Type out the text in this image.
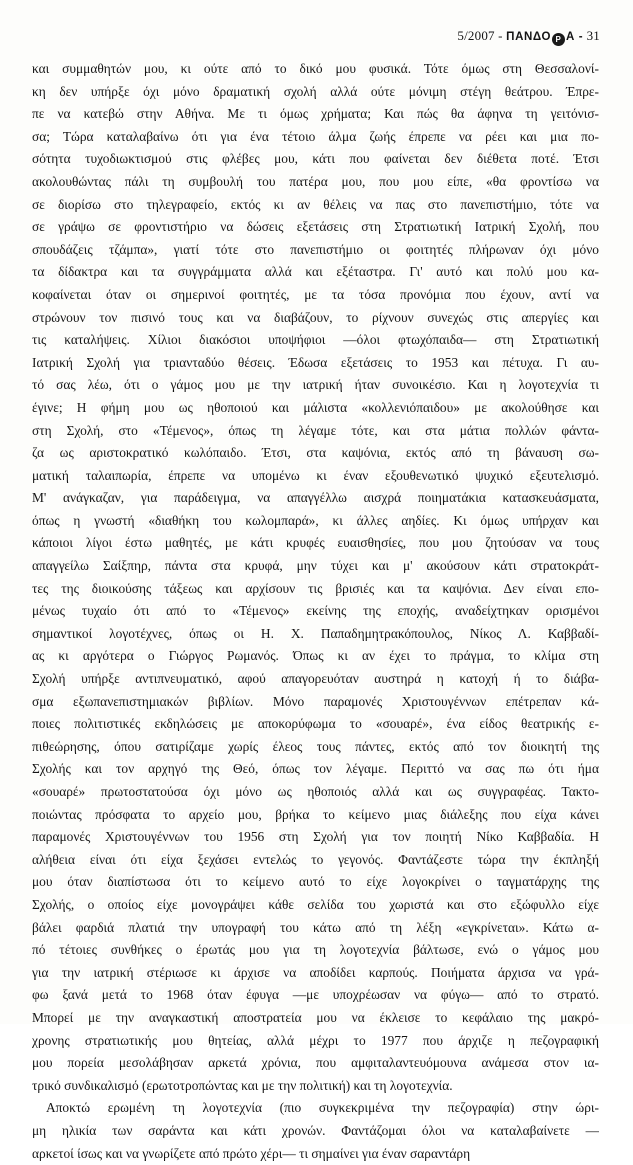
5/2007 - ΠΑΝΔΟ Ρ Α - 31
και συμμαθητών μου, κι ούτε από το δικό μου φυσικά. Τότε όμως στη Θεσσαλονί-
κη δεν υπήρξε όχι μόνο δραματική σχολή αλλά ούτε μόνιμη στέγη θεάτρου. Έπρε-
πε να κατεβώ στην Αθήνα. Με τι όμως χρήματα; Και πώς θα άφηνα τη γειτόνισ-
σα; Τώρα καταλαβαίνω ότι για ένα τέτοιο άλμα ζωής έπρεπε να ρέει και μια πο-
σότητα τυχοδιωκτισμού στις φλέβες μου, κάτι που φαίνεται δεν διέθετα ποτέ. Έτσι
ακολουθώντας πάλι τη συμβουλή του πατέρα μου, που μου είπε, «θα φροντίσω να
σε διορίσω στο τηλεγραφείο, εκτός κι αν θέλεις να πας στο πανεπιστήμιο, τότε να
σε γράψω σε φροντιστήριο να δώσεις εξετάσεις στη Στρατιωτική Ιατρική Σχολή, που
σπουδάζεις τζάμπα», γιατί τότε στο πανεπιστήμιο οι φοιτητές πλήρωναν όχι μόνο
τα δίδακτρα και τα συγγράμματα αλλά και εξέταστρα. Γι' αυτό και πολύ μου κα-
κοφαίνεται όταν οι σημερινοί φοιτητές, με τα τόσα προνόμια που έχουν, αντί να
στρώνουν τον πισινό τους και να διαβάζουν, το ρίχνουν συνεχώς στις απεργίες και
τις καταλήψεις. Χίλιοι διακόσιοι υποψήφιοι —όλοι φτωχόπαιδα— στη Στρατιωτική
Ιατρική Σχολή για τριανταδύο θέσεις. Έδωσα εξετάσεις το 1953 και πέτυχα. Γι αυ-
τό σας λέω, ότι ο γάμος μου με την ιατρική ήταν συνοικέσιο. Και η λογοτεχνία τι
έγινε; Η φήμη μου ως ηθοποιού και μάλιστα «κολλενιόπαιδου» με ακολούθησε και
στη Σχολή, στο «Τέμενος», όπως τη λέγαμε τότε, και στα μάτια πολλών φάντα-
ζα ως αριστοκρατικό κωλόπαιδο. Έτσι, στα καψόνια, εκτός από τη βάναυση σω-
ματική ταλαιπωρία, έπρεπε να υπομένω κι έναν εξουθενωτικό ψυχικό εξευτελισμό.
Μ' ανάγκαζαν, για παράδειγμα, να απαγγέλλω αισχρά ποιηματάκια κατασκευάσματα,
όπως η γνωστή «διαθήκη του κωλομπαρά», κι άλλες αηδίες. Κι όμως υπήρχαν και
κάποιοι λίγοι έστω μαθητές, με κάτι κρυφές ευαισθησίες, που μου ζητούσαν να τους
απαγγείλω Σαίξπηρ, πάντα στα κρυφά, μην τύχει και μ' ακούσουν κάτι στρατοκράτ-
τες της διοικούσης τάξεως και αρχίσουν τις βρισιές και τα καψόνια. Δεν είναι επο-
μένως τυχαίο ότι από το «Τέμενος» εκείνης της εποχής, αναδείχτηκαν ορισμένοι
σημαντικοί λογοτέχνες, όπως οι Η. Χ. Παπαδημητρακόπουλος, Νίκος Λ. Καββαδί-
ας κι αργότερα ο Γιώργος Ρωμανός. Όπως κι αν έχει το πράγμα, το κλίμα στη
Σχολή υπήρξε αντιπνευματικό, αφού απαγορευόταν αυστηρά η κατοχή ή το διάβα-
σμα εξωπανεπιστημιακών βιβλίων. Μόνο παραμονές Χριστουγέννων επέτρεπαν κά-
ποιες πολιτιστικές εκδηλώσεις με αποκορύφωμα το «σουαρέ», ένα είδος θεατρικής ε-
πιθεώρησης, όπου σατιρίζαμε χωρίς έλεος τους πάντες, εκτός από τον διοικητή της
Σχολής και τον αρχηγό της Θεό, όπως τον λέγαμε. Περιττό να σας πω ότι ήμα
«σουαρέ» πρωτοστατούσα όχι μόνο ως ηθοποιός αλλά και ως συγγραφέας. Τακτο-
ποιώντας πρόσφατα το αρχείο μου, βρήκα το κείμενο μιας διάλεξης που είχα κάνει
παραμονές Χριστουγέννων του 1956 στη Σχολή για τον ποιητή Νίκο Καββαδία. Η
αλήθεια είναι ότι είχα ξεχάσει εντελώς το γεγονός. Φαντάζεστε τώρα την έκπληξή
μου όταν διαπίστωσα ότι το κείμενο αυτό το είχε λογοκρίνει ο ταγματάρχης της
Σχολής, ο οποίος είχε μονογράψει κάθε σελίδα του χωριστά και στο εξώφυλλο είχε
βάλει φαρδιά πλατιά την υπογραφή του κάτω από τη λέξη «εγκρίνεται». Κάτω α-
πό τέτοιες συνθήκες ο έρωτάς μου για τη λογοτεχνία βάλτωσε, ενώ ο γάμος μου
για την ιατρική στέριωσε κι άρχισε να αποδίδει καρπούς. Ποιήματα άρχισα να γρά-
φω ξανά μετά το 1968 όταν έφυγα —με υποχρέωσαν να φύγω— από το στρατό.
Μπορεί με την αναγκαστική αποστρατεία μου να έκλεισε το κεφάλαιο της μακρό-
χρονης στρατιωτικής μου θητείας, αλλά μέχρι το 1977 που άρχιζε η πεζογραφική
μου πορεία μεσολάβησαν αρκετά χρόνια, που αμφιταλαντευόμουνα ανάμεσα στον ια-
τρικό συνδικαλισμό (ερωτοτροπώντας και με την πολιτική) και τη λογοτεχνία.
Αποκτώ ερωμένη τη λογοτεχνία (πιο συγκεκριμένα την πεζογραφία) στην ώρι-
μη ηλικία των σαράντα και κάτι χρονών. Φαντάζομαι όλοι να καταλαβαίνετε —
αρκετοί ίσως και να γνωρίζετε από πρώτο χέρι— τι σημαίνει για έναν σαραντάρη
